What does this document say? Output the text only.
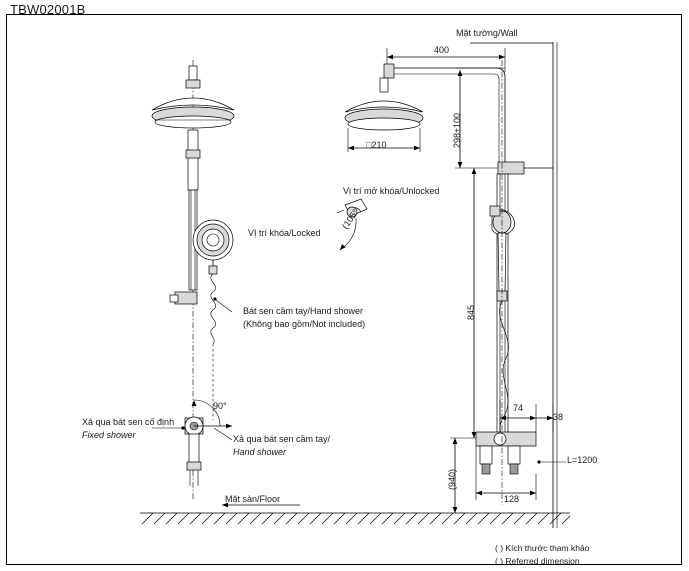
TBW02001B
Mặt tường/Wall
Mặt sàn/Floor
VỊ trí khóa/Locked
Vị trí mở khóa/Unlocked
Bát sen cầm tay/Hand shower
(Không bao gồm/Not included)
Xả qua bát sen cố định
Fixed shower	Xả qua bát sen cầm tay/
Hand shower
90°
(105°)
400
□210	298±100
845
(940)
74
38
128
L=1200
( ) Kích thước tham khảo
( ) Referred dimension
